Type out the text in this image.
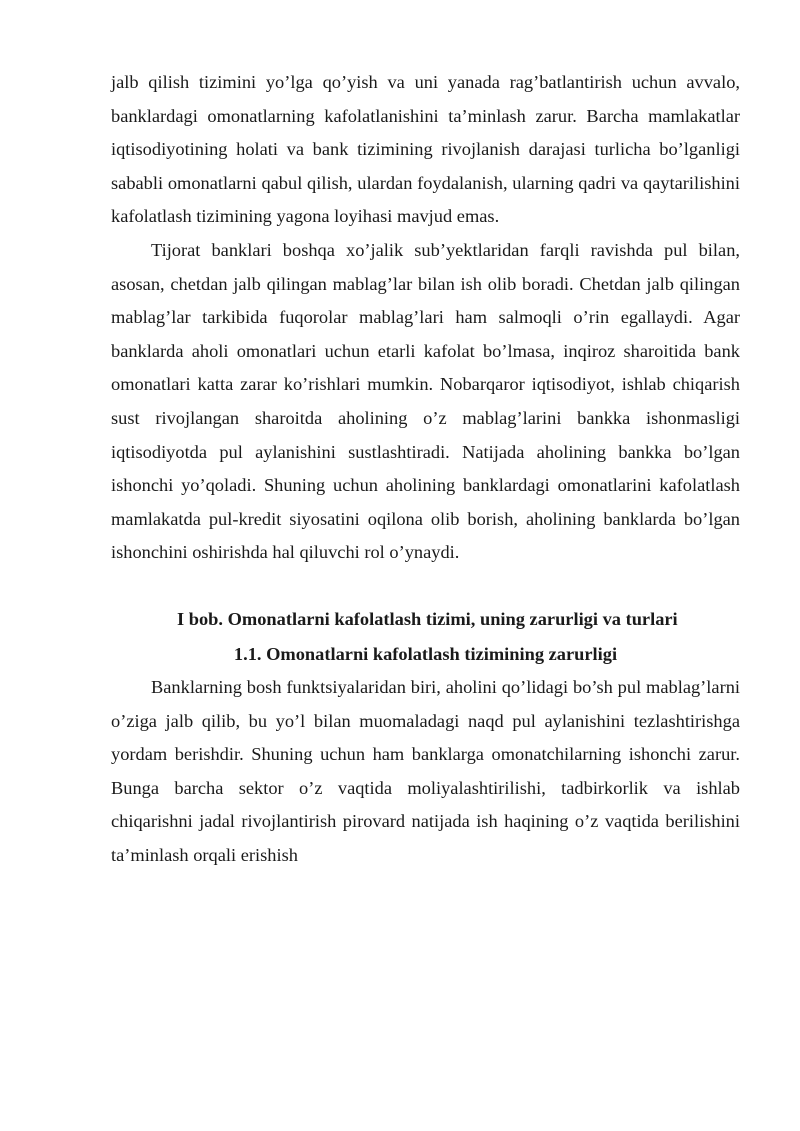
jalb qilish tizimini yo’lga qo’yish va uni yanada rag’batlantirish uchun avvalo, banklardagi omonatlarning kafolatlanishini ta’minlash zarur. Barcha mamlakatlar iqtisodiyotining holati va bank tizimining rivojlanish darajasi turlicha bo’lganligi sababli omonatlarni qabul qilish, ulardan foydalanish, ularning qadri va qaytarilishini kafolatlash tizimining yagona loyihasi mavjud emas.

Tijorat banklari boshqa xo’jalik sub’yektlaridan farqli ravishda pul bilan, asosan, chetdan jalb qilingan mablag’lar bilan ish olib boradi. Chetdan jalb qilingan mablag’lar tarkibida fuqorolar mablag’lari ham salmoqli o’rin egallaydi. Agar banklarda aholi omonatlari uchun etarli kafolat bo’lmasa, inqiroz sharoitida bank omonatlari katta zarar ko’rishlari mumkin. Nobarqaror iqtisodiyot, ishlab chiqarish sust rivojlangan sharoitda aholining o’z mablag’larini bankka ishonmasligi iqtisodiyotda pul aylanishini sustlashtiradi. Natijada aholining bankka bo’lgan ishonchi yo’qoladi. Shuning uchun aholining banklardagi omonatlarini kafolatlash mamlakatda pul-kredit siyosatini oqilona olib borish, aholining banklarda bo’lgan ishonchini oshirishda hal qiluvchi rol o’ynaydi.

I bob. Omonatlarni kafolatlash tizimi, uning zarurligi va turlari

1.1. Omonatlarni kafolatlash tizimining zarurligi

Banklarning bosh funktsiyalaridan biri, aholini qo’lidagi bo’sh pul mablag’larni o’ziga jalb qilib, bu yo’l bilan muomaladagi naqd pul aylanishini tezlashtirishga yordam berishdir. Shuning uchun ham banklarga omonatchilarning ishonchi zarur. Bunga barcha sektor o’z vaqtida moliyalashtirilishi, tadbirkorlik va ishlab chiqarishni jadal rivojlantirish pirovard natijada ish haqining o’z vaqtida berilishini ta’minlash orqali erishish
